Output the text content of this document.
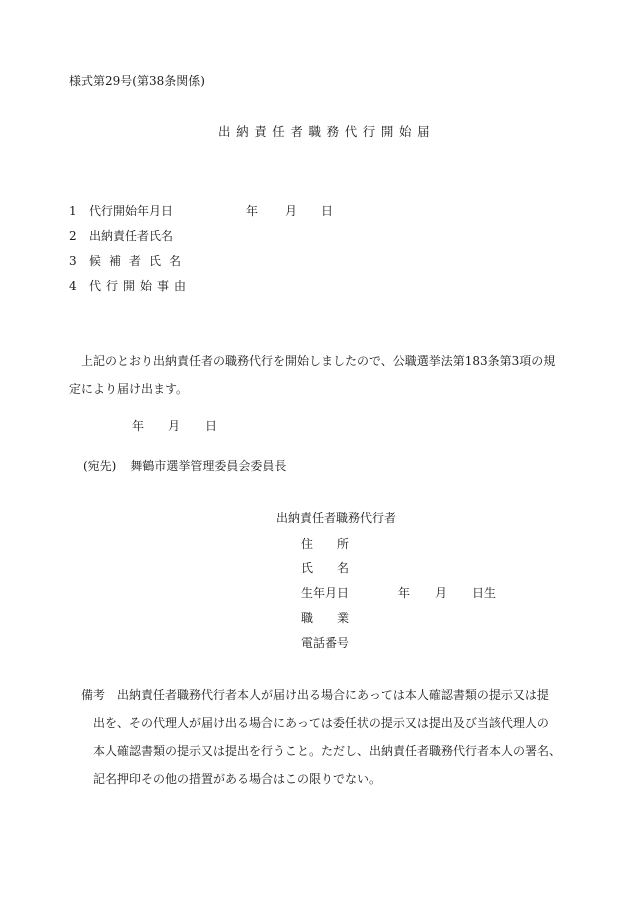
様式第29号(第38条関係)
出納責任者職務代行開始届
1 代行開始年月日	年 月 日
2 出納責任者氏名
3 候補者氏名
4 代行開始事由
上記のとおり出納責任者の職務代行を開始しましたので、公職選挙法第183条第3項の規
定により届け出ます。
年 月 日
(宛先) 舞鶴市選挙管理委員会委員長
出納責任者職務代行者
住所
氏名
生年月日	年 月 日生
職業
電話番号
備考 出納責任者職務代行者本人が届け出る場合にあっては本人確認書類の提示又は提
出を、その代理人が届け出る場合にあっては委任状の提示又は提出及び当該代理人の
本人確認書類の提示又は提出を行うこと。ただし、出納責任者職務代行者本人の署名、
記名押印その他の措置がある場合はこの限りでない。
